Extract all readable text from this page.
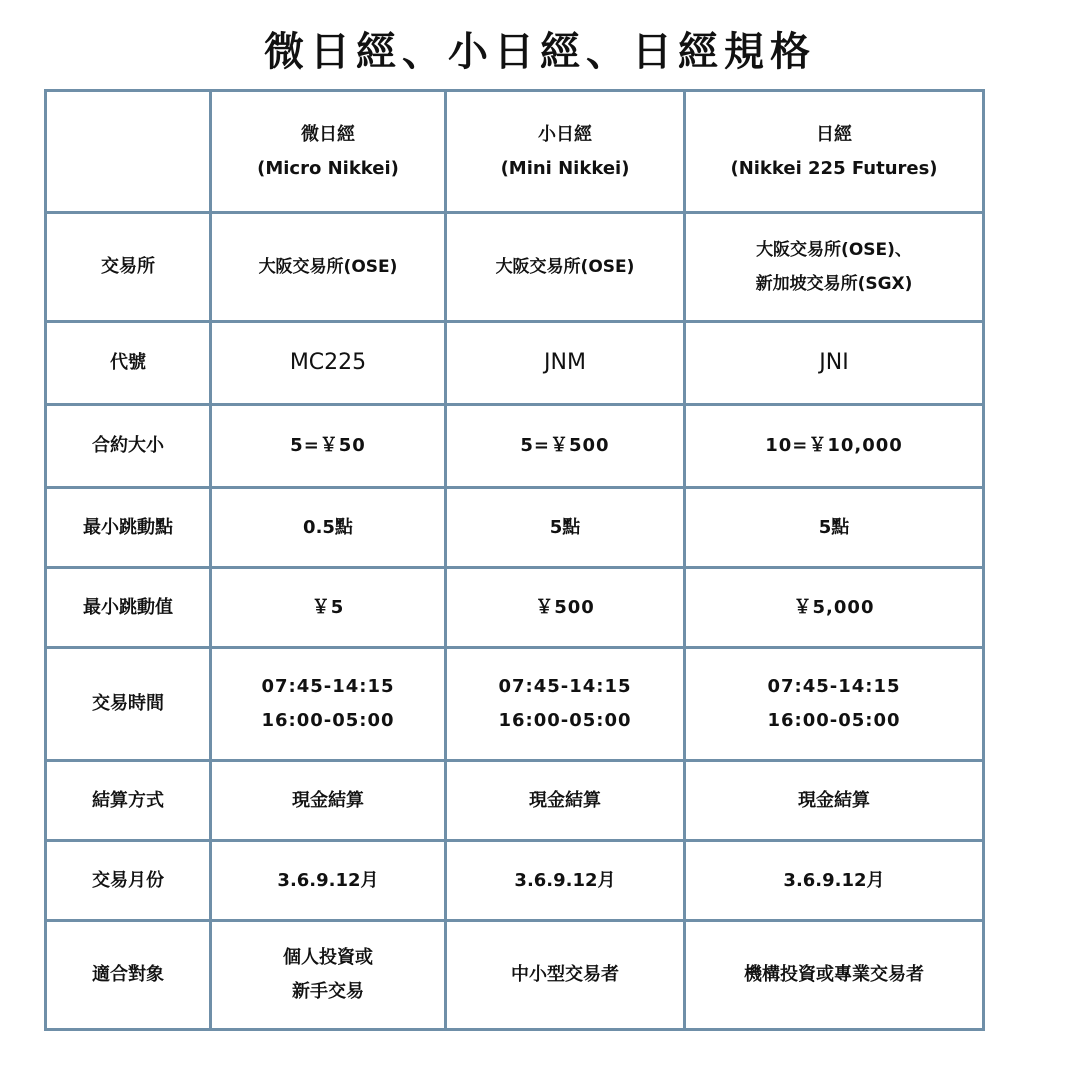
微日經、小日經、日經規格

	微日經
(Micro Nikkei)	小日經
(Mini Nikkei)	日經
(Nikkei 225 Futures)

交易所	大阪交易所(OSE)	大阪交易所(OSE)	大阪交易所(OSE)、
新加坡交易所(SGX)

代號	MC225	JNM	JNI
合約大小	5=￥50	5=￥500	10=￥10,000
最小跳動點	0.5點	5點	5點
最小跳動值	￥5	￥500	￥5,000
交易時間	07:45-14:15
16:00-05:00	07:45-14:15
16:00-05:00	07:45-14:15
16:00-05:00

結算方式	現金結算	現金結算	現金結算
交易月份	3.6.9.12月	3.6.9.12月	3.6.9.12月
適合對象	個人投資或
新手交易	中小型交易者	機構投資或專業交易者
